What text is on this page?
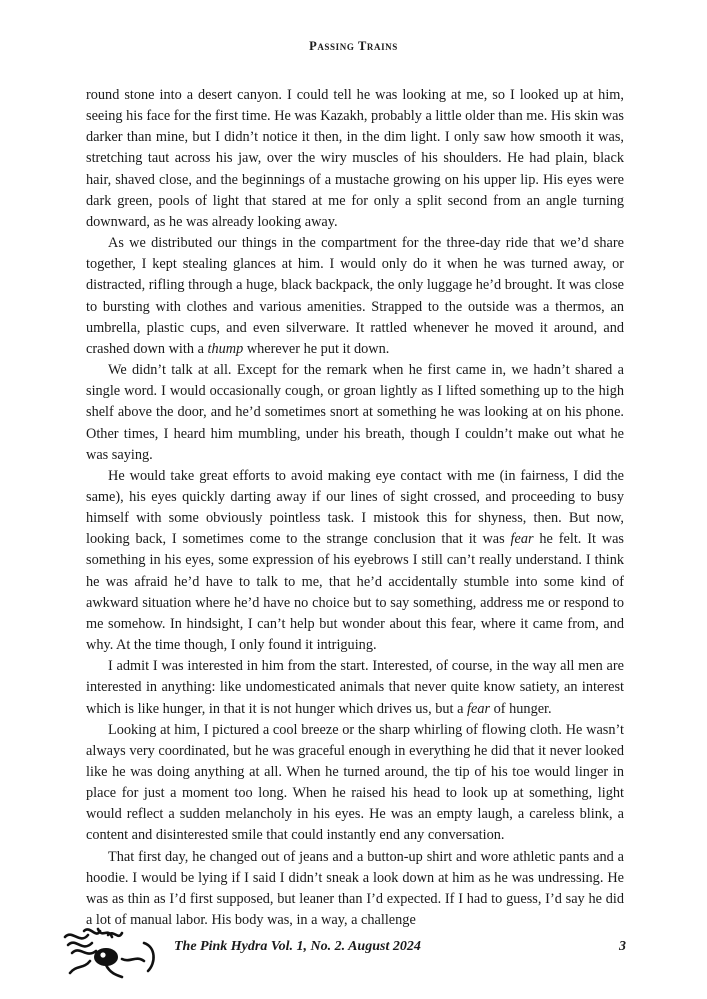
Passing Trains

round stone into a desert canyon. I could tell he was looking at me, so I looked up at him, seeing his face for the first time. He was Kazakh, probably a little older than me. His skin was darker than mine, but I didn’t notice it then, in the dim light. I only saw how smooth it was, stretching taut across his jaw, over the wiry muscles of his shoulders. He had plain, black hair, shaved close, and the beginnings of a mustache growing on his upper lip. His eyes were dark green, pools of light that stared at me for only a split second from an angle turning downward, as he was already looking away.

As we distributed our things in the compartment for the three-day ride that we’d share together, I kept stealing glances at him. I would only do it when he was turned away, or distracted, rifling through a huge, black backpack, the only luggage he’d brought. It was close to bursting with clothes and various amenities. Strapped to the outside was a thermos, an umbrella, plastic cups, and even silverware. It rattled whenever he moved it around, and crashed down with a thump wherever he put it down.

We didn’t talk at all. Except for the remark when he first came in, we hadn’t shared a single word. I would occasionally cough, or groan lightly as I lifted something up to the high shelf above the door, and he’d sometimes snort at something he was looking at on his phone. Other times, I heard him mumbling, under his breath, though I couldn’t make out what he was saying.

He would take great efforts to avoid making eye contact with me (in fairness, I did the same), his eyes quickly darting away if our lines of sight crossed, and proceeding to busy himself with some obviously pointless task. I mistook this for shyness, then. But now, looking back, I sometimes come to the strange conclusion that it was fear he felt. It was something in his eyes, some expression of his eyebrows I still can’t really understand. I think he was afraid he’d have to talk to me, that he’d accidentally stumble into some kind of awkward situation where he’d have no choice but to say something, address me or respond to me somehow. In hindsight, I can’t help but wonder about this fear, where it came from, and why. At the time though, I only found it intriguing.

I admit I was interested in him from the start. Interested, of course, in the way all men are interested in anything: like undomesticated animals that never quite know satiety, an interest which is like hunger, in that it is not hunger which drives us, but a fear of hunger.

Looking at him, I pictured a cool breeze or the sharp whirling of flowing cloth. He wasn’t always very coordinated, but he was graceful enough in everything he did that it never looked like he was doing anything at all. When he turned around, the tip of his toe would linger in place for just a moment too long. When he raised his head to look up at something, light would reflect a sudden melancholy in his eyes. He was an empty laugh, a careless blink, a content and disinterested smile that could instantly end any conversation.

That first day, he changed out of jeans and a button-up shirt and wore athletic pants and a hoodie. I would be lying if I said I didn’t sneak a look down at him as he was undressing. He was as thin as I’d first supposed, but leaner than I’d expected. If I had to guess, I’d say he did a lot of manual labor. His body was, in a way, a challenge

The Pink Hydra Vol. 1, No. 2. August 2024	3
